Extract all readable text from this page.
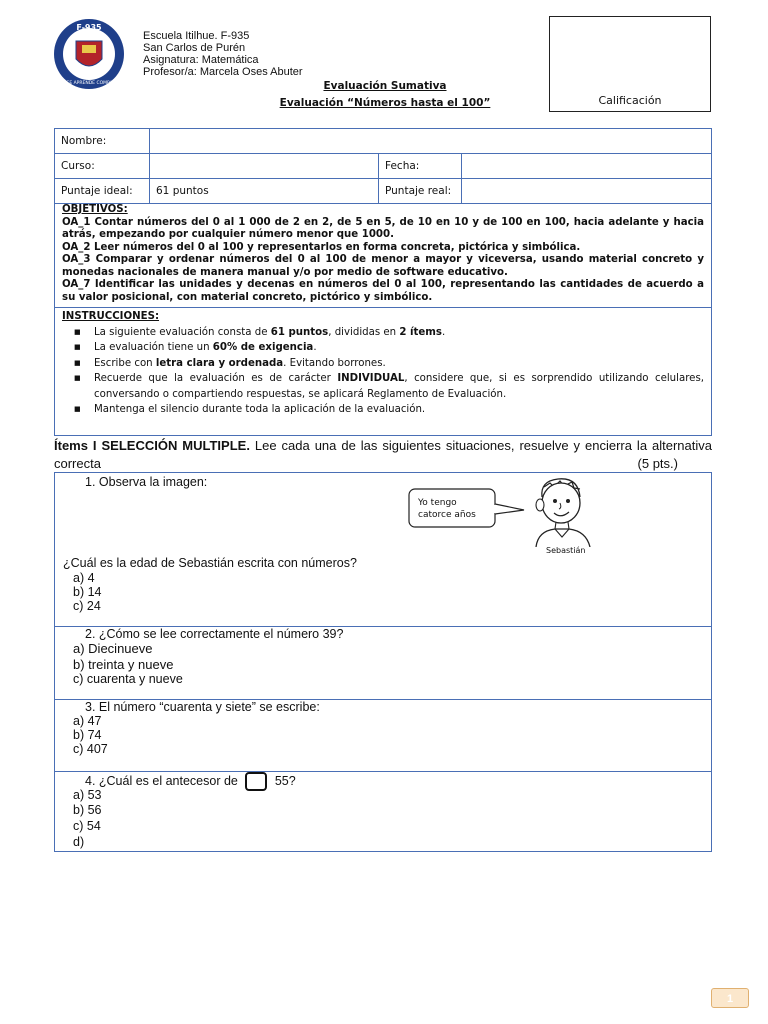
F-935
CRECE APRENDE COMPARTE
Escuela Itilhue. F-935
San Carlos de Purén
Asignatura: Matemática
Profesor/a: Marcela Oses Abuter
Evaluación Sumativa
Evaluación “Números hasta el 100”	Calificación
Nombre:			
Curso:		Fecha:	
Puntaje ideal:	61 puntos	Puntaje real:	
OBJETIVOS:
OA_1 Contar números del 0 al 1 000 de 2 en 2, de 5 en 5, de 10 en 10 y de 100 en 100, hacia adelante y hacia atrás, empezando por cualquier número menor que 1000.
OA_2 Leer números del 0 al 100 y representarlos en forma concreta, pictórica y simbólica.
OA_3 Comparar y ordenar números del 0 al 100 de menor a mayor y viceversa, usando material concreto y monedas nacionales de manera manual y/o por medio de software educativo.
OA_7 Identificar las unidades y decenas en números del 0 al 100, representando las cantidades de acuerdo a su valor posicional, con material concreto, pictórico y simbólico.
INSTRUCCIONES:
■ La siguiente evaluación consta de 61 puntos, divididas en 2 ítems.
■ La evaluación tiene un 60% de exigencia.
■ Escribe con letra clara y ordenada. Evitando borrones.
■ Recuerde que la evaluación es de carácter INDIVIDUAL, considere que, si es sorprendido utilizando celulares, conversando o compartiendo respuestas, se aplicará Reglamento de Evaluación.
■ Mantenga el silencio durante toda la aplicación de la evaluación.
Ítems I SELECCIÓN MULTIPLE. Lee cada una de las siguientes situaciones, resuelve y encierra la alternativa correcta	(5 pts.)
1. Observa la imagen:
¿Cuál es la edad de Sebastián escrita con números?
a) 4
b) 14
c) 24
Yo tengo
catorce años
Sebastián
2. ¿Cómo se lee correctamente el número 39?
a) Diecinueve
b) treinta y nueve
c) cuarenta y nueve
3. El número “cuarenta y siete” se escribe:
a) 47
b) 74
c) 407
4. ¿Cuál es el antecesor de  55?
a) 53
b) 56
c) 54
d)
1
